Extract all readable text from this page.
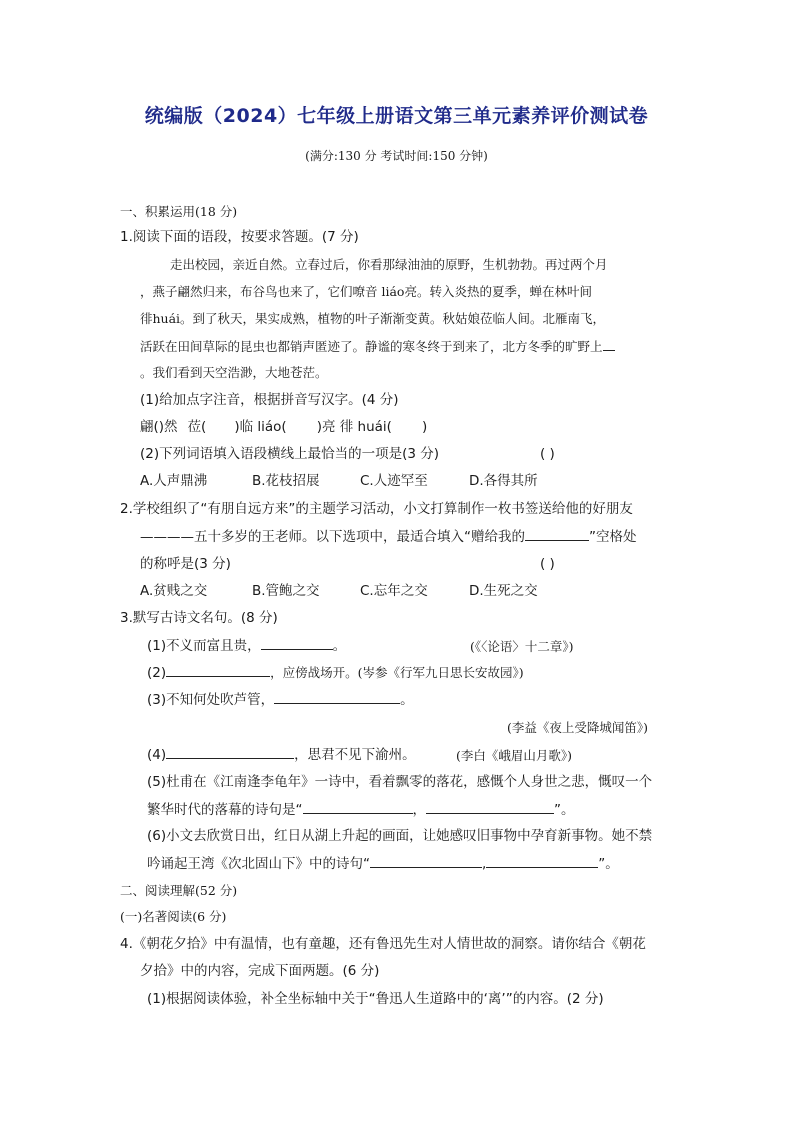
统编版（2024）七年级上册语文第三单元素养评价测试卷
(满分:130 分 考试时间:150 分钟)
一、积累运用(18 分)
1.阅读下面的语段，按要求答题。(7 分)
走出校园，亲近自然。立春过后，你看那绿油油的原野，生机勃勃。再过两个月
，燕子翩然归来，布谷鸟也来了，它们嘹音 liáo亮。转入炎热的夏季，蝉在林叶间
徘huái。到了秋天，果实成熟，植物的叶子渐渐变黄。秋姑娘莅临人间。北雁南飞，
活跃在田间草际的昆虫也都销声匿迹了。静谧的寒冬终于到来了，北方冬季的旷野上
。我们看到天空浩渺，大地苍茫。
(1)给加点字注音，根据拼音写汉字。(4 分)
翩()然 莅( )临 liáo( )亮 徘 huái( )
(2)下列词语填入语段横线上最恰当的一项是(3 分)	( )
A.人声鼎沸	B.花枝招展	C.人迹罕至	D.各得其所
2.学校组织了“有朋自远方来”的主题学习活动，小文打算制作一枚书签送给他的好朋友
————五十多岁的王老师。以下选项中，最适合填入“赠给我的	”空格处
的称呼是(3 分)	( )
A.贫贱之交	B.管鲍之交	C.忘年之交	D.生死之交
3.默写古诗文名句。(8 分)
(1)不义而富且贵，	。	(《〈论语〉十二章》)
(2)	，应傍战场开。(岑参《行军九日思长安故园》)
(3)不知何处吹芦管，	。
(李益《夜上受降城闻笛》)
(4)	，思君不见下渝州。	(李白《峨眉山月歌》)
(5)杜甫在《江南逢李龟年》一诗中，看着飘零的落花，感慨个人身世之悲，慨叹一个
繁华时代的落幕的诗句是“	，	”。
(6)小文去欣赏日出，红日从湖上升起的画面，让她感叹旧事物中孕育新事物。她不禁
吟诵起王湾《次北固山下》中的诗句“	,	”。
二、阅读理解(52 分)
(一)名著阅读(6 分)
4.《朝花夕拾》中有温情，也有童趣，还有鲁迅先生对人情世故的洞察。请你结合《朝花
夕拾》中的内容，完成下面两题。(6 分)
(1)根据阅读体验，补全坐标轴中关于“鲁迅人生道路中的‘离’”的内容。(2 分)
